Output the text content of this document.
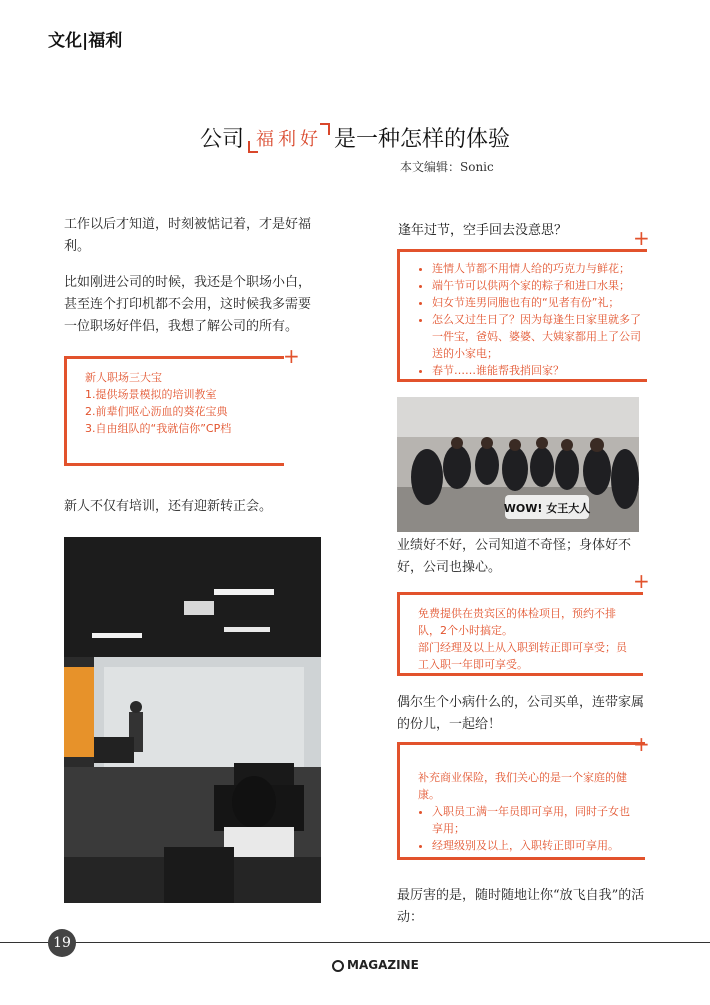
文化|福利
公司 福利好 是一种怎样的体验
本文编辑：Sonic
工作以后才知道，时刻被惦记着，才是好福利。
比如刚进公司的时候，我还是个职场小白，甚至连个打印机都不会用，这时候我多需要一位职场好伴侣，我想了解公司的所有。
新人职场三大宝
1.提供场景模拟的培训教室
2.前辈们呕心沥血的葵花宝典
3.自由组队的“我就信你”CP档
+
新人不仅有培训，还有迎新转正会。
逢年过节，空手回去没意思？
• 连情人节都不用情人给的巧克力与鲜花；
• 端午节可以供两个家的粽子和进口水果；
• 妇女节连男同胞也有的“见者有份”礼；
• 怎么又过生日了？因为每逢生日家里就多了一件宝，爸妈、婆婆、大姨家都用上了公司送的小家电；
• 春节……谁能帮我捎回家？
+
WOW! 女王大人
业绩好不好，公司知道不奇怪；身体好不好，公司也操心。
免费提供在贵宾区的体检项目，预约不排队，2个小时搞定。
部门经理及以上从入职到转正即可享受；员工入职一年即可享受。
+
偶尔生个小病什么的，公司买单，连带家属的份儿，一起给！
补充商业保险，我们关心的是一个家庭的健康。
• 入职员工满一年员即可享用，同时子女也享用；
• 经理级别及以上，入职转正即可享用。
+
最厉害的是，随时随地让你“放飞自我”的活动：
19
MAGAZINE
